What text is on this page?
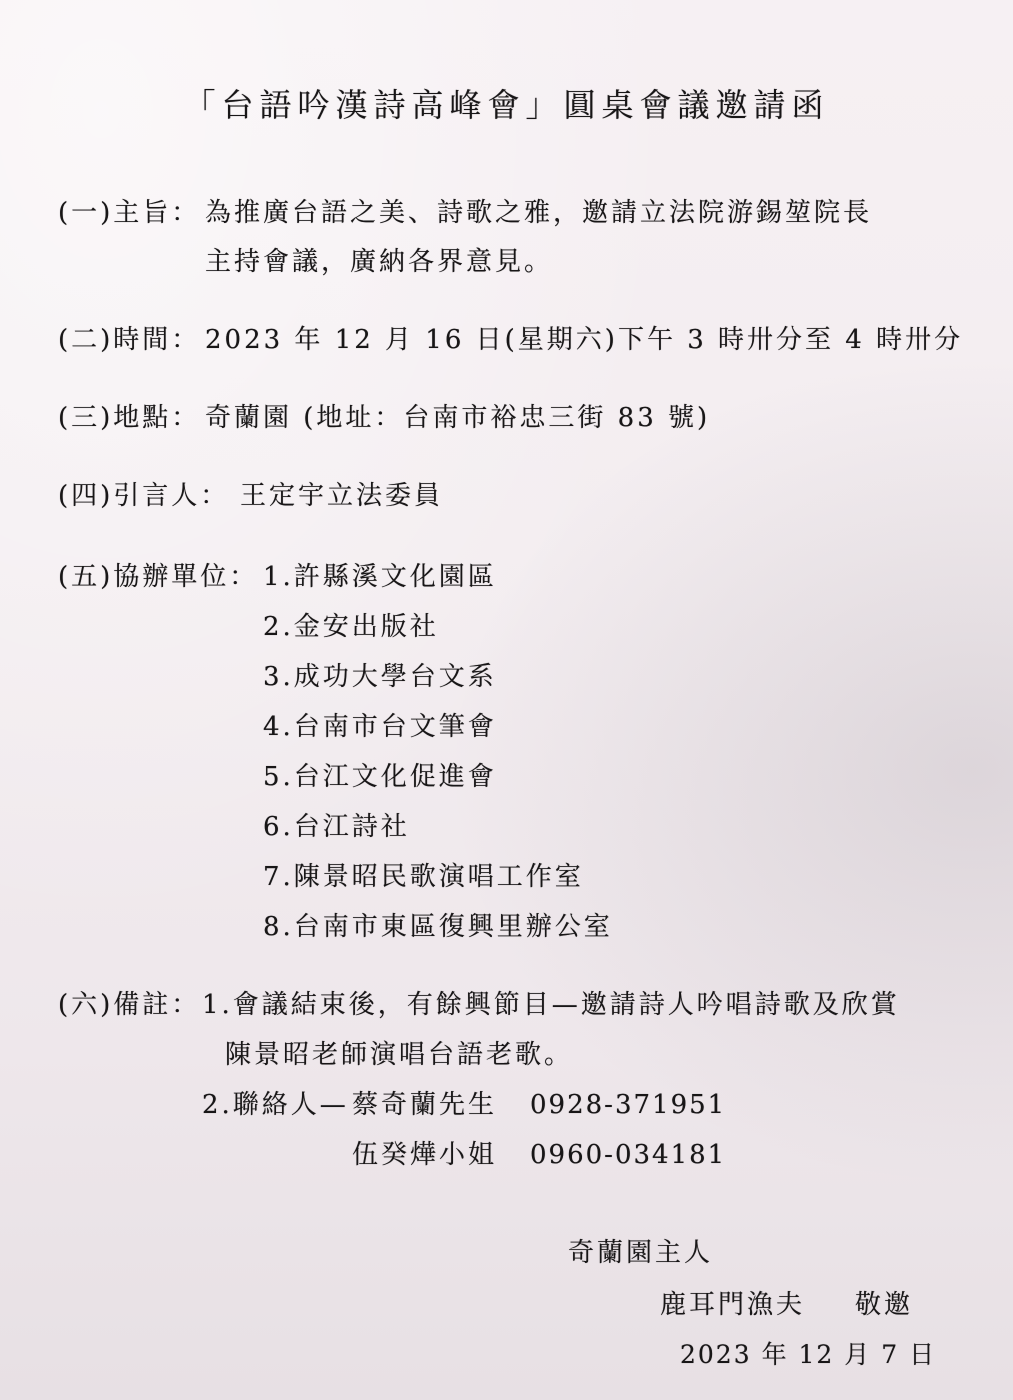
「台語吟漢詩高峰會」圓桌會議邀請函
(一)主旨： 為推廣台語之美、詩歌之雅，邀請立法院游錫堃院長
主持會議，廣納各界意見。
(二)時間： 2023 年 12 月 16 日(星期六)下午 3 時卅分至 4 時卅分
(三)地點： 奇蘭園 (地址：台南市裕忠三街 83 號)
(四)引言人： 王定宇立法委員
(五)協辦單位： 1.許縣溪文化園區
2.金安出版社
3.成功大學台文系
4.台南市台文筆會
5.台江文化促進會
6.台江詩社
7.陳景昭民歌演唱工作室
8.台南市東區復興里辦公室
(六)備註： 1.會議結束後，有餘興節目—邀請詩人吟唱詩歌及欣賞
陳景昭老師演唱台語老歌。
2.聯絡人— 蔡奇蘭先生 0928-371951
伍癸燁小姐 0960-034181
奇蘭園主人
鹿耳門漁夫 敬邀
2023 年 12 月 7 日
